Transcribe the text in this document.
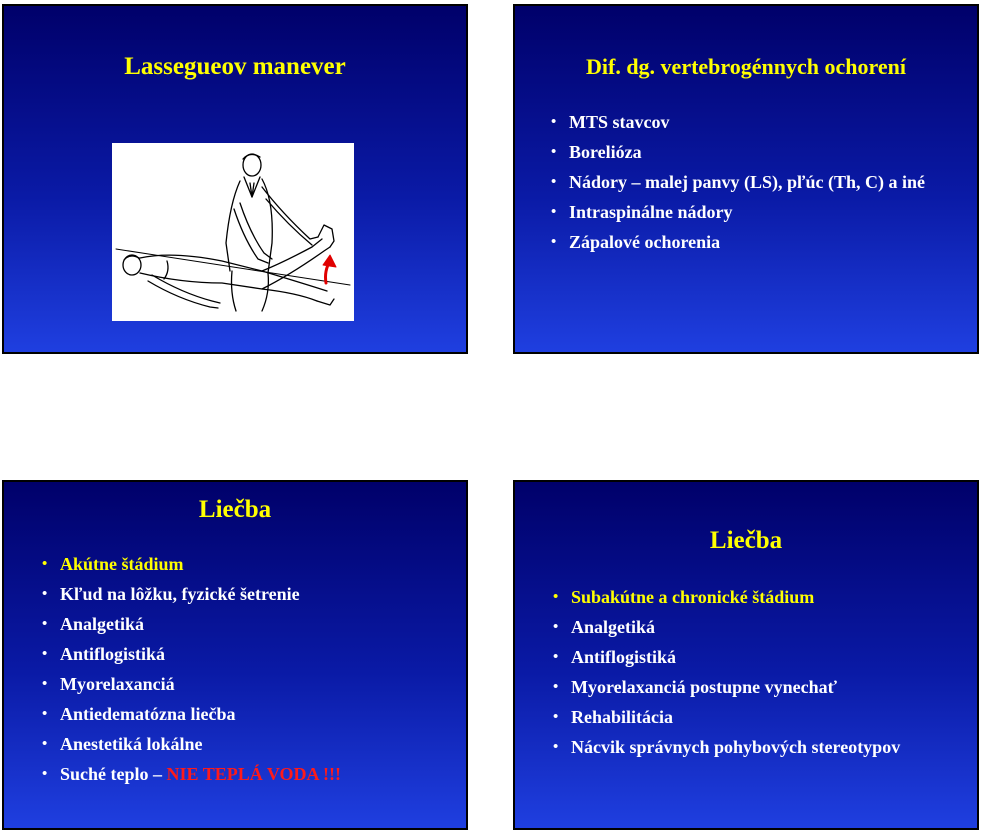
Lassegueov manever	Dif. dg. vertebrogénnych ochorení
• MTS stavcov
• Borelióza
• Nádory – malej panvy (LS), pľúc (Th, C) a iné
• Intraspinálne nádory
• Zápalové ochorenia
Liečba
• Akútne štádium
• Kľud na lôžku, fyzické šetrenie
• Analgetiká
• Antiflogistiká
• Myorelaxanciá
• Antiedematózna liečba
• Anestetiká lokálne
• Suché teplo – NIE TEPLÁ VODA !!!
Liečba
• Subakútne a chronické štádium
• Analgetiká
• Antiflogistiká
• Myorelaxanciá postupne vynechať
• Rehabilitácia
• Nácvik správnych pohybových stereotypov
